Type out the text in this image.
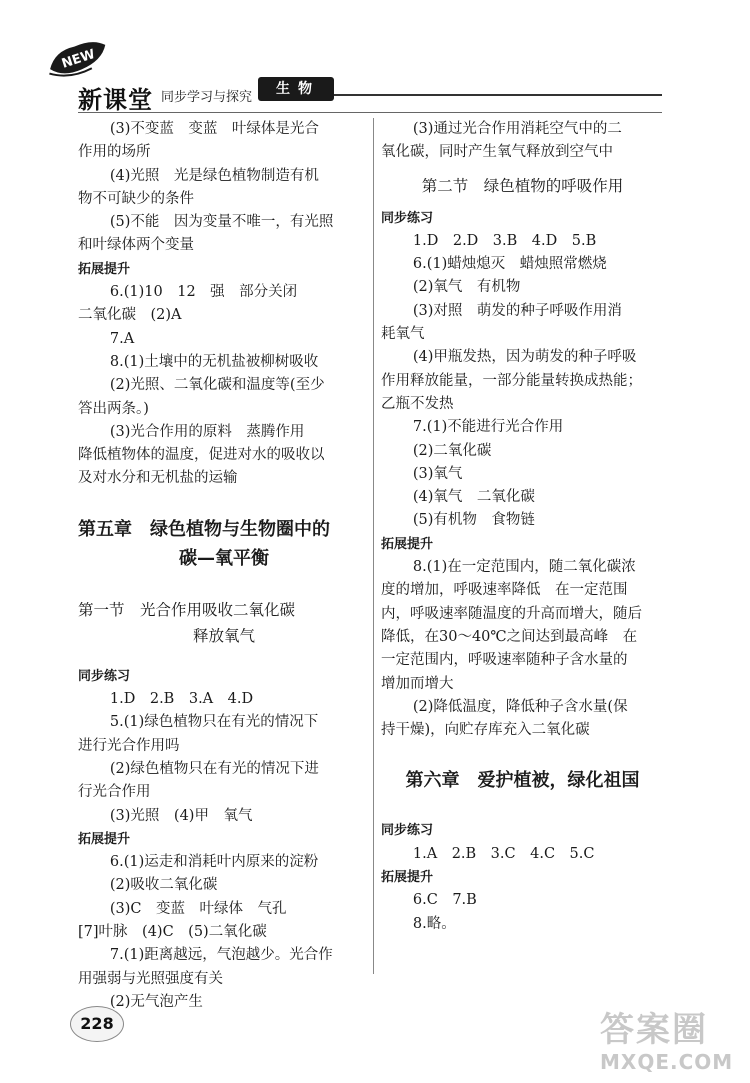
NEW
新课堂 同步学习与探究
生物
(3)不变蓝　变蓝　叶绿体是光合
作用的场所
(4)光照　光是绿色植物制造有机
物不可缺少的条件
(5)不能　因为变量不唯一，有光照
和叶绿体两个变量
拓展提升
6.(1)10　12　强　部分关闭
二氧化碳　(2)A
7.A
8.(1)土壤中的无机盐被柳树吸收
(2)光照、二氧化碳和温度等(至少
答出两条。)
(3)光合作用的原料　蒸腾作用
降低植物体的温度，促进对水的吸收以
及对水分和无机盐的运输
第五章　绿色植物与生物圈中的
碳—氧平衡
第一节　光合作用吸收二氧化碳
释放氧气
同步练习
1.D　2.B　3.A　4.D
5.(1)绿色植物只在有光的情况下
进行光合作用吗
(2)绿色植物只在有光的情况下进
行光合作用
(3)光照　(4)甲　氧气
拓展提升
6.(1)运走和消耗叶内原来的淀粉
(2)吸收二氧化碳
(3)C　变蓝　叶绿体　气孔
[7]叶脉　(4)C　(5)二氧化碳
7.(1)距离越远，气泡越少。光合作
用强弱与光照强度有关
(2)无气泡产生
(3)通过光合作用消耗空气中的二
氧化碳，同时产生氧气释放到空气中
第二节　绿色植物的呼吸作用
同步练习
1.D　2.D　3.B　4.D　5.B
6.(1)蜡烛熄灭　蜡烛照常燃烧
(2)氧气　有机物
(3)对照　萌发的种子呼吸作用消
耗氧气
(4)甲瓶发热，因为萌发的种子呼吸
作用释放能量，一部分能量转换成热能；
乙瓶不发热
7.(1)不能进行光合作用
(2)二氧化碳
(3)氧气
(4)氧气　二氧化碳
(5)有机物　食物链
拓展提升
8.(1)在一定范围内，随二氧化碳浓
度的增加，呼吸速率降低　在一定范围
内，呼吸速率随温度的升高而增大，随后
降低，在30～40℃之间达到最高峰　在
一定范围内，呼吸速率随种子含水量的
增加而增大
(2)降低温度，降低种子含水量(保
持干燥)，向贮存库充入二氧化碳
第六章　爱护植被，绿化祖国
同步练习
1.A　2.B　3.C　4.C　5.C
拓展提升
6.C　7.B
8.略。
228	答案圈
MXQE.COM
